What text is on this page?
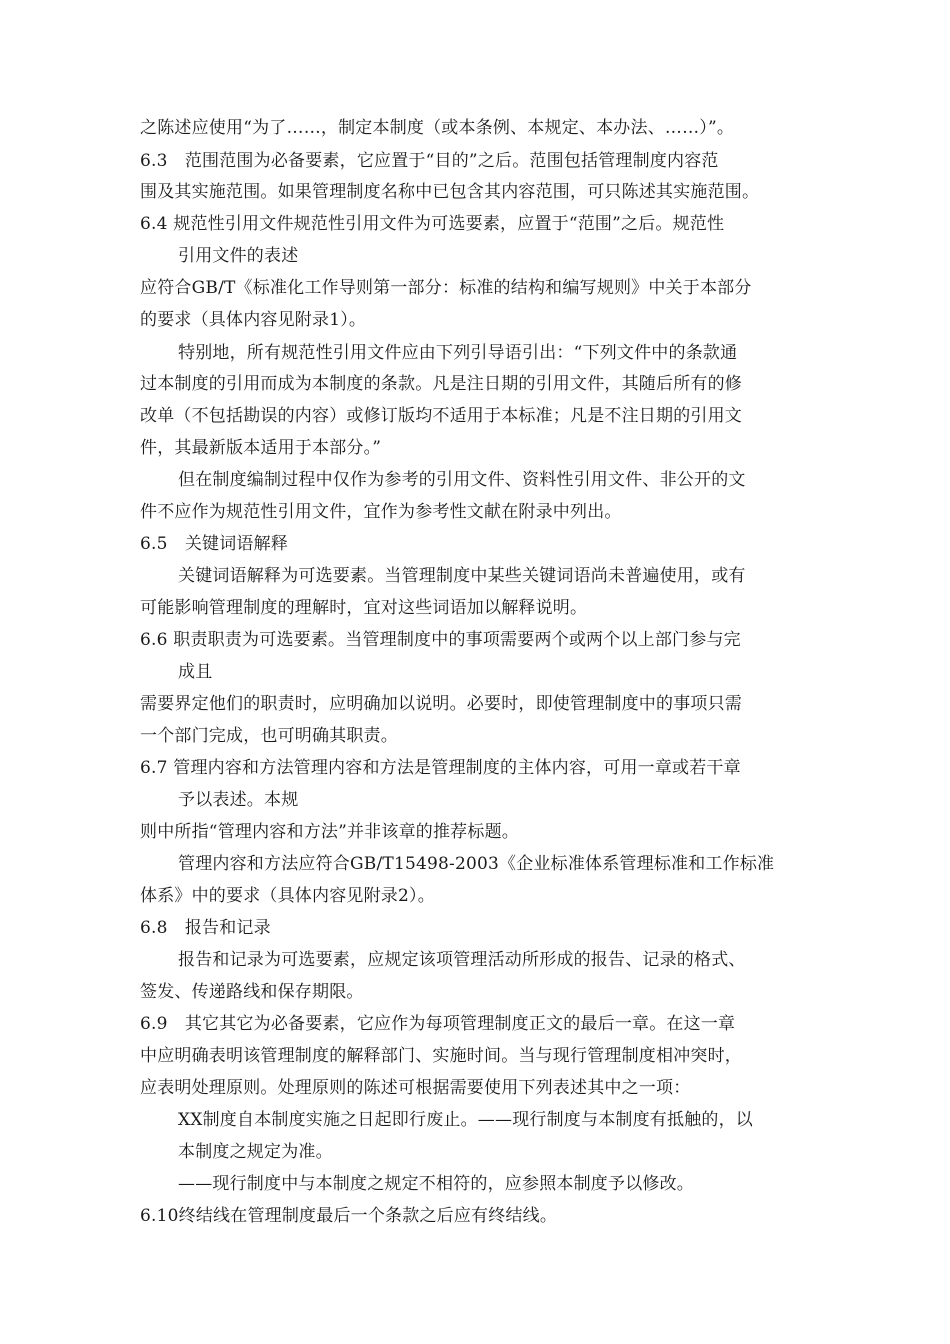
之陈述应使用“为了……，制定本制度（或本条例、本规定、本办法、……）”。
6.3　范围范围为必备要素，它应置于“目的”之后。范围包括管理制度内容范
围及其实施范围。如果管理制度名称中已包含其内容范围，可只陈述其实施范围。
6.4 规范性引用文件规范性引用文件为可选要素，应置于“范围”之后。规范性
引用文件的表述
应符合GB/T《标准化工作导则第一部分：标准的结构和编写规则》中关于本部分
的要求（具体内容见附录1）。
特别地，所有规范性引用文件应由下列引导语引出：“下列文件中的条款通
过本制度的引用而成为本制度的条款。凡是注日期的引用文件，其随后所有的修
改单（不包括勘误的内容）或修订版均不适用于本标准；凡是不注日期的引用文
件，其最新版本适用于本部分。”
但在制度编制过程中仅作为参考的引用文件、资料性引用文件、非公开的文
件不应作为规范性引用文件，宜作为参考性文献在附录中列出。
6.5　关键词语解释
关键词语解释为可选要素。当管理制度中某些关键词语尚未普遍使用，或有
可能影响管理制度的理解时，宜对这些词语加以解释说明。
6.6 职责职责为可选要素。当管理制度中的事项需要两个或两个以上部门参与完
成且
需要界定他们的职责时，应明确加以说明。必要时，即使管理制度中的事项只需
一个部门完成，也可明确其职责。
6.7 管理内容和方法管理内容和方法是管理制度的主体内容，可用一章或若干章
予以表述。本规
则中所指“管理内容和方法”并非该章的推荐标题。
管理内容和方法应符合GB/T15498-2003《企业标准体系管理标准和工作标准
体系》中的要求（具体内容见附录2）。
6.8　报告和记录
报告和记录为可选要素，应规定该项管理活动所形成的报告、记录的格式、
签发、传递路线和保存期限。
6.9　其它其它为必备要素，它应作为每项管理制度正文的最后一章。在这一章
中应明确表明该管理制度的解释部门、实施时间。当与现行管理制度相冲突时，
应表明处理原则。处理原则的陈述可根据需要使用下列表述其中之一项：
XX制度自本制度实施之日起即行废止。——现行制度与本制度有抵触的，以
本制度之规定为准。
——现行制度中与本制度之规定不相符的，应参照本制度予以修改。
6.10终结线在管理制度最后一个条款之后应有终结线。
